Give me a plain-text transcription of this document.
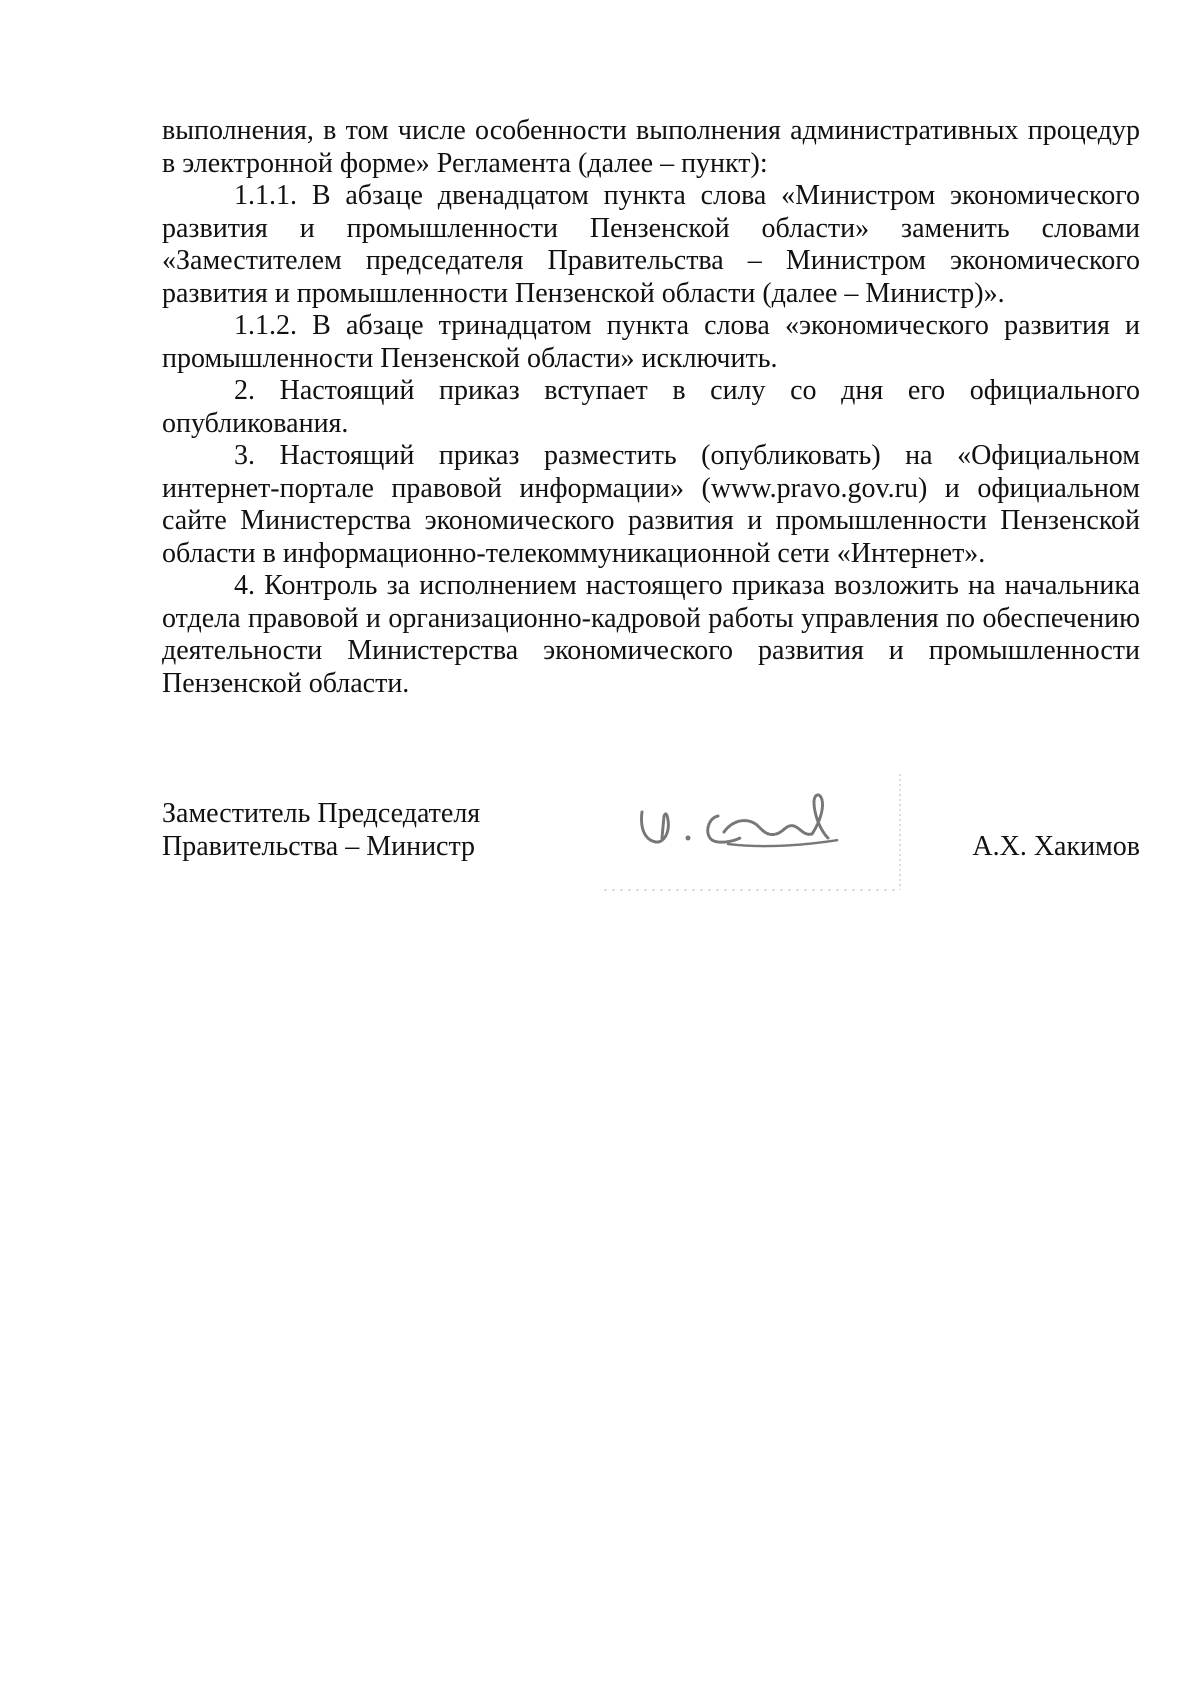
выполнения, в том числе особенности выполнения административных процедур в электронной форме» Регламента (далее – пункт):

1.1.1. В абзаце двенадцатом пункта слова «Министром экономического развития и промышленности Пензенской области» заменить словами «Заместителем председателя Правительства – Министром экономического развития и промышленности Пензенской области (далее – Министр)».

1.1.2. В абзаце тринадцатом пункта слова «экономического развития и промышленности Пензенской области» исключить.

2. Настоящий приказ вступает в силу со дня его официального опубликования.

3. Настоящий приказ разместить (опубликовать) на «Официальном интернет-портале правовой информации» (www.pravo.gov.ru) и официальном сайте Министерства экономического развития и промышленности Пензенской области в информационно-телекоммуникационной сети «Интернет».

4. Контроль за исполнением настоящего приказа возложить на начальника отдела правовой и организационно-кадровой работы управления по обеспечению деятельности Министерства экономического развития и промышленности Пензенской области.

Заместитель Председателя
Правительства – Министр	А.Х. Хакимов
